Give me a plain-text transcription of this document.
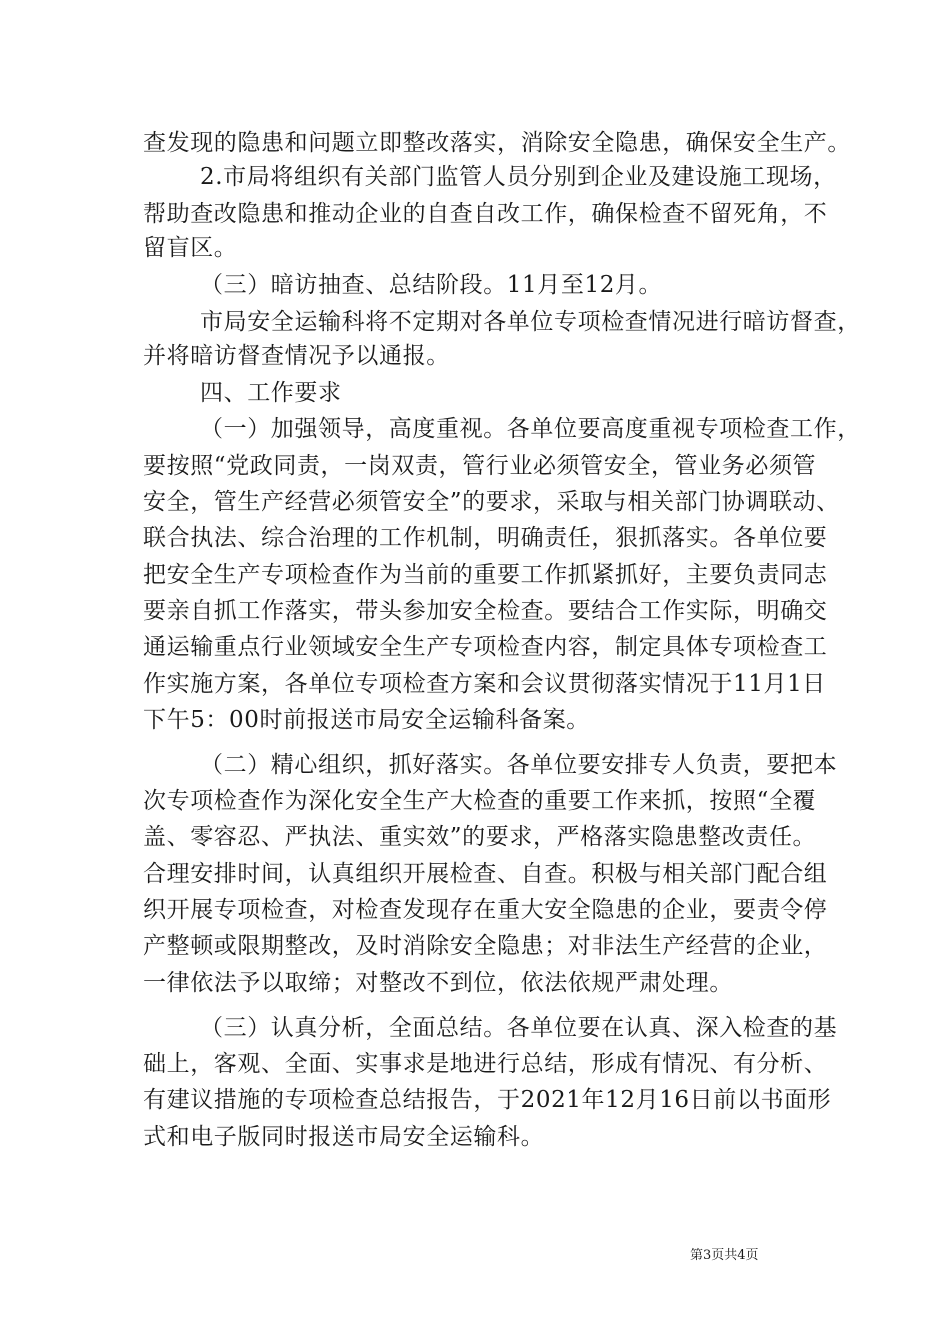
查发现的隐患和问题立即整改落实，消除安全隐患，确保安全生产。
2.市局将组织有关部门监管人员分别到企业及建设施工现场，
帮助查改隐患和推动企业的自查自改工作，确保检查不留死角，不
留盲区。
（三）暗访抽查、总结阶段。11月至12月。
市局安全运输科将不定期对各单位专项检查情况进行暗访督查，
并将暗访督查情况予以通报。
四、工作要求
（一）加强领导，高度重视。各单位要高度重视专项检查工作，
要按照“党政同责，一岗双责，管行业必须管安全，管业务必须管
安全，管生产经营必须管安全”的要求，采取与相关部门协调联动、
联合执法、综合治理的工作机制，明确责任，狠抓落实。各单位要
把安全生产专项检查作为当前的重要工作抓紧抓好，主要负责同志
要亲自抓工作落实，带头参加安全检查。要结合工作实际，明确交
通运输重点行业领域安全生产专项检查内容，制定具体专项检查工
作实施方案，各单位专项检查方案和会议贯彻落实情况于11月1日
下午5：00时前报送市局安全运输科备案。
（二）精心组织，抓好落实。各单位要安排专人负责，要把本
次专项检查作为深化安全生产大检查的重要工作来抓，按照“全覆
盖、零容忍、严执法、重实效”的要求，严格落实隐患整改责任。
合理安排时间，认真组织开展检查、自查。积极与相关部门配合组
织开展专项检查，对检查发现存在重大安全隐患的企业，要责令停
产整顿或限期整改，及时消除安全隐患；对非法生产经营的企业，
一律依法予以取缔；对整改不到位，依法依规严肃处理。
（三）认真分析，全面总结。各单位要在认真、深入检查的基
础上，客观、全面、实事求是地进行总结，形成有情况、有分析、
有建议措施的专项检查总结报告，于2021年12月16日前以书面形
式和电子版同时报送市局安全运输科。
第3页共4页
